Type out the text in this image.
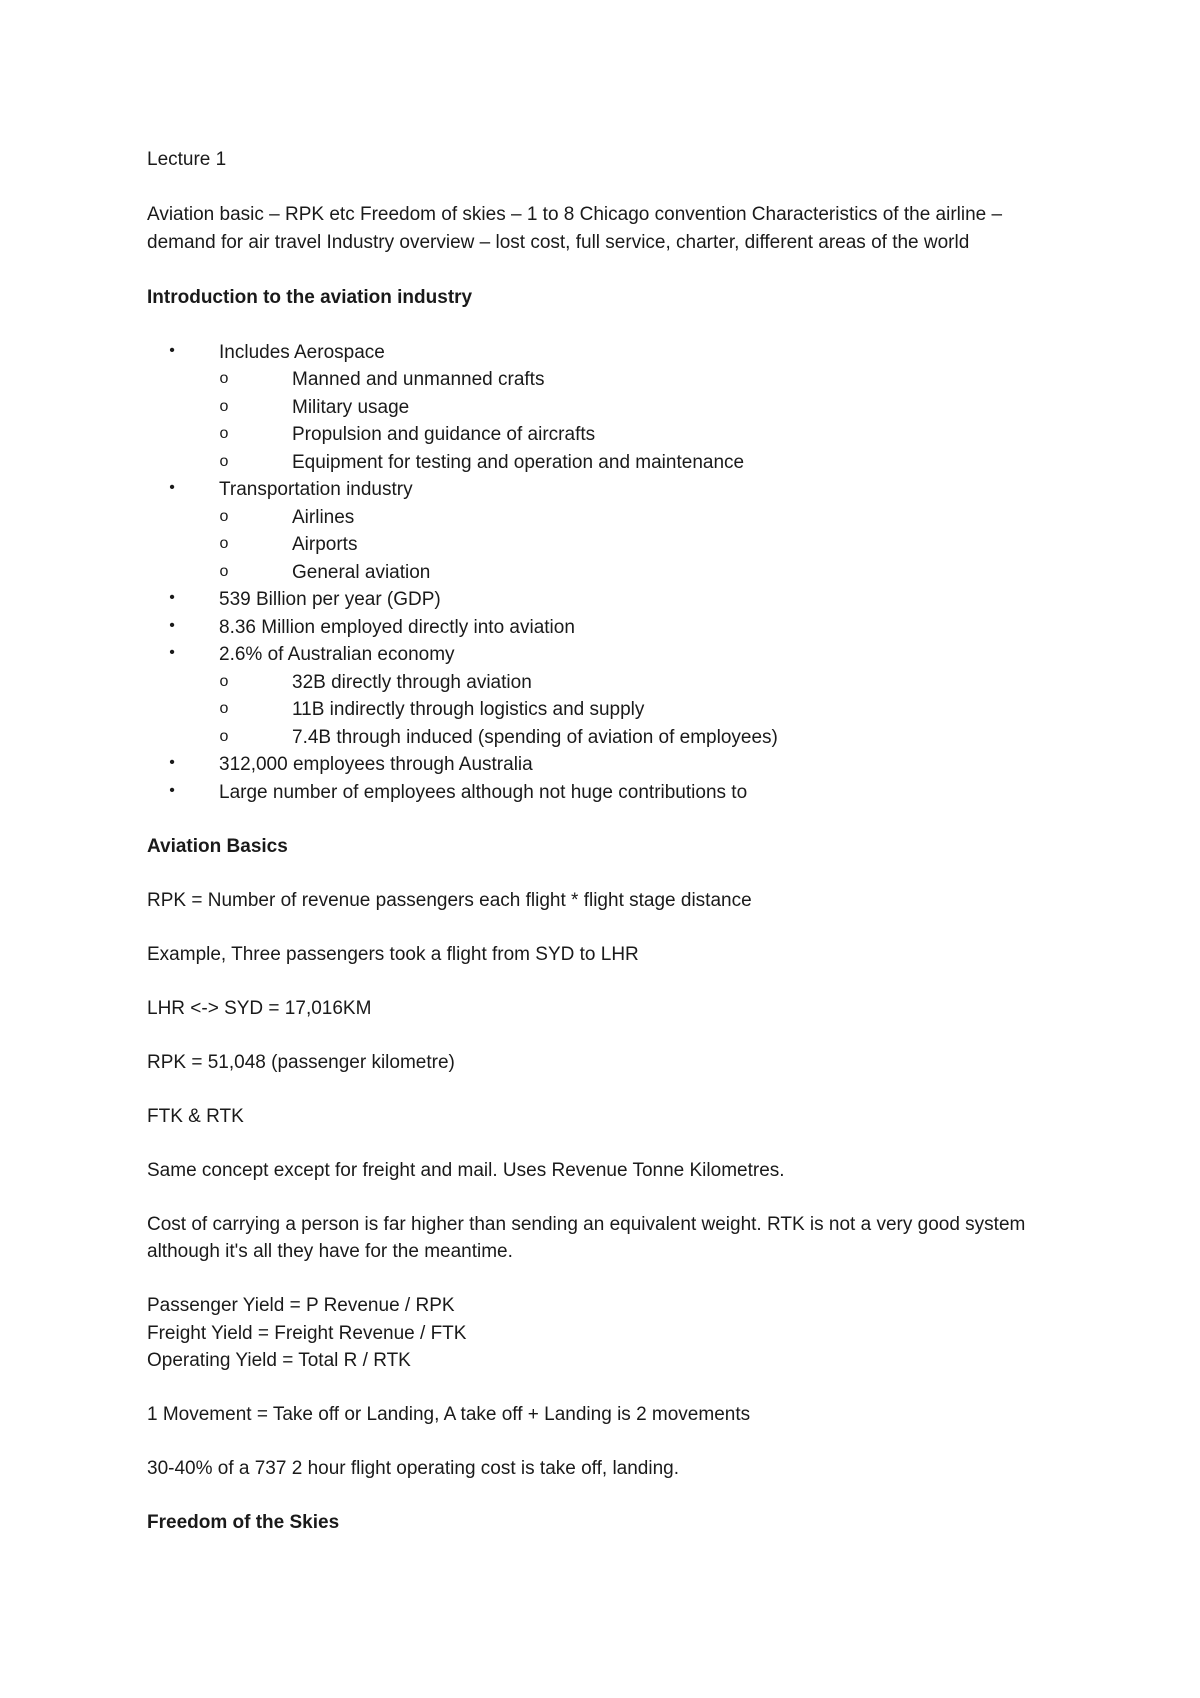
Lecture 1

Aviation basic – RPK etc Freedom of skies – 1 to 8 Chicago convention Characteristics of the airline – demand for air travel Industry overview – lost cost, full service, charter, different areas of the world

Introduction to the aviation industry

• Includes Aerospace
o	Manned and unmanned crafts
o	Military usage
o	Propulsion and guidance of aircrafts
o	Equipment for testing and operation and maintenance
• Transportation industry
o	Airlines
o	Airports
o	General aviation
• 539 Billion per year (GDP)
• 8.36 Million employed directly into aviation
• 2.6% of Australian economy
o	32B directly through aviation
o	11B indirectly through logistics and supply
o	7.4B through induced (spending of aviation of employees)
• 312,000 employees through Australia
• Large number of employees although not huge contributions to

Aviation Basics

RPK = Number of revenue passengers each flight * flight stage distance

Example, Three passengers took a flight from SYD to LHR

LHR <-> SYD = 17,016KM

RPK = 51,048 (passenger kilometre)

FTK & RTK

Same concept except for freight and mail. Uses Revenue Tonne Kilometres.

Cost of carrying a person is far higher than sending an equivalent weight. RTK is not a very good system although it's all they have for the meantime.

Passenger Yield = P Revenue / RPK

Freight Yield = Freight Revenue / FTK

Operating Yield = Total R / RTK

1 Movement = Take off or Landing, A take off + Landing is 2 movements

30-40% of a 737 2 hour flight operating cost is take off, landing.

Freedom of the Skies
